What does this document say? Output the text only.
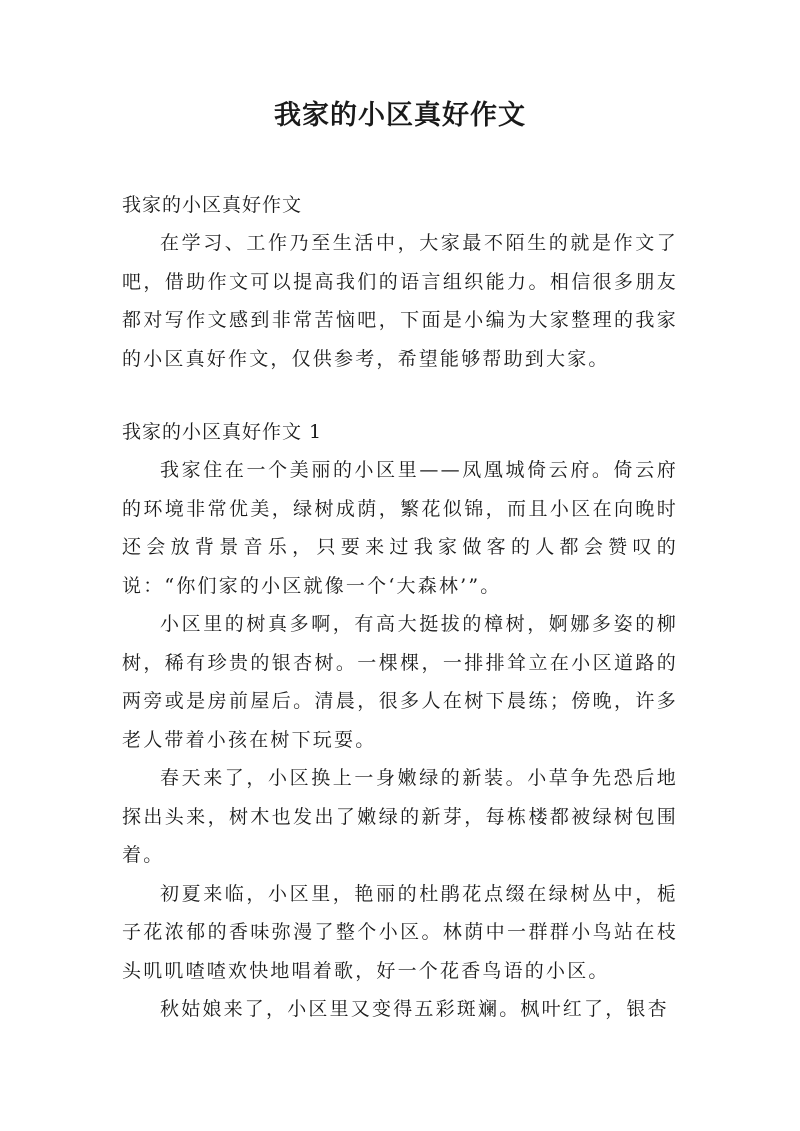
我家的小区真好作文

我家的小区真好作文

在学习、工作乃至生活中，大家最不陌生的就是作文了吧，借助作文可以提高我们的语言组织能力。相信很多朋友都对写作文感到非常苦恼吧，下面是小编为大家整理的我家的小区真好作文，仅供参考，希望能够帮助到大家。

我家的小区真好作文 1

我家住在一个美丽的小区里——凤凰城倚云府。倚云府的环境非常优美，绿树成荫，繁花似锦，而且小区在向晚时还会放背景音乐，只要来过我家做客的人都会赞叹的说：“你们家的小区就像一个‘大森林’”。

小区里的树真多啊，有高大挺拔的樟树，婀娜多姿的柳树，稀有珍贵的银杏树。一棵棵，一排排耸立在小区道路的两旁或是房前屋后。清晨，很多人在树下晨练；傍晚，许多老人带着小孩在树下玩耍。

春天来了，小区换上一身嫩绿的新装。小草争先恐后地探出头来，树木也发出了嫩绿的新芽，每栋楼都被绿树包围着。

初夏来临，小区里，艳丽的杜鹃花点缀在绿树丛中，栀子花浓郁的香味弥漫了整个小区。林荫中一群群小鸟站在枝头叽叽喳喳欢快地唱着歌，好一个花香鸟语的小区。

秋姑娘来了，小区里又变得五彩斑斓。枫叶红了，银杏
